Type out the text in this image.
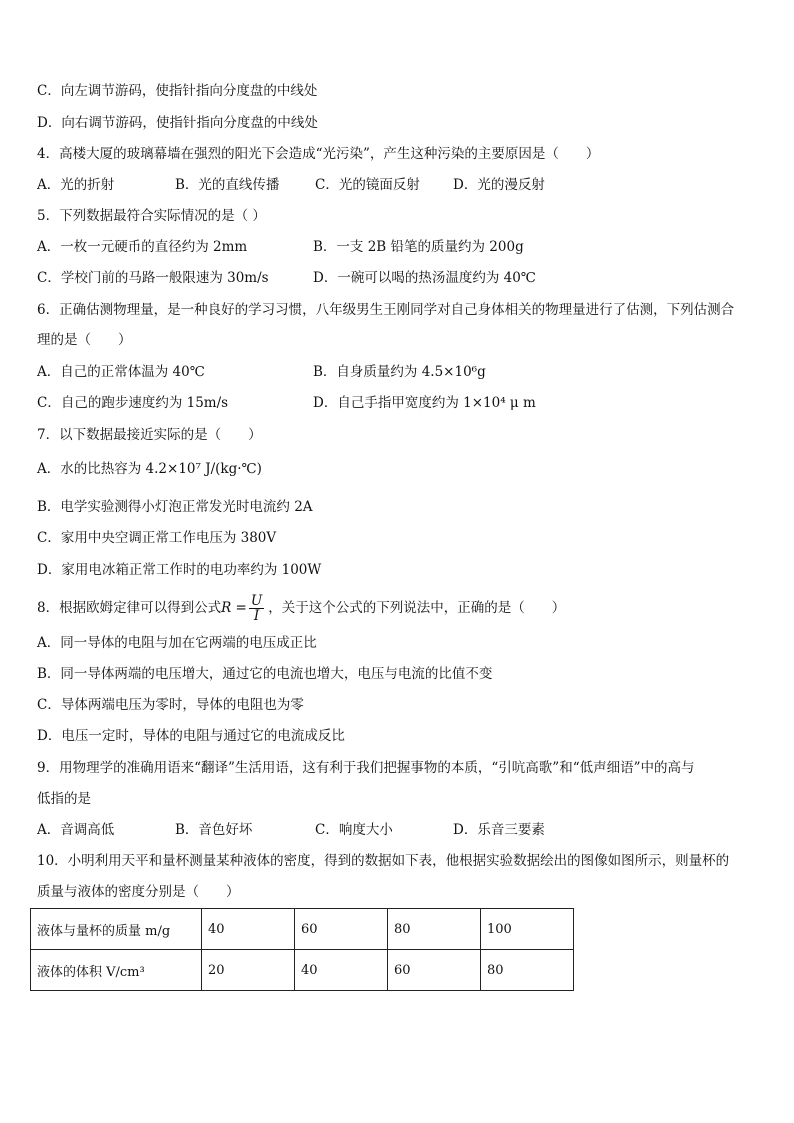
C．向左调节游码，使指针指向分度盘的中线处
D．向右调节游码，使指针指向分度盘的中线处
4．高楼大厦的玻璃幕墙在强烈的阳光下会造成“光污染”，产生这种污染的主要原因是（　　）
A．光的折射	B．光的直线传播	C．光的镜面反射 D．光的漫反射
5．下列数据最符合实际情况的是（ ）
A．一枚一元硬币的直径约为 2mm	B．一支 2B 铅笔的质量约为 200g
C．学校门前的马路一般限速为 30m/s	D．一碗可以喝的热汤温度约为 40℃
6．正确估测物理量，是一种良好的学习习惯，八年级男生王刚同学对自己身体相关的物理量进行了估测，下列估测合
理的是（　　）
A．自己的正常体温为 40℃	B．自身质量约为 4.5×10⁶g
C．自己的跑步速度约为 15m/s	D．自己手指甲宽度约为 1×10⁴ μ m
7．以下数据最接近实际的是（　　）
A．水的比热容为 4.2×10⁷ J/(kg·℃)
B．电学实验测得小灯泡正常发光时电流约 2A
C．家用中央空调正常工作电压为 380V
D．家用电冰箱正常工作时的电功率约为 100W
8．根据欧姆定律可以得到公式$R = \frac{U}{I}$ ，关于这个公式的下列说法中，正确的是（　　）
A．同一导体的电阻与加在它两端的电压成正比
B．同一导体两端的电压增大，通过它的电流也增大，电压与电流的比值不变
C．导体两端电压为零时，导体的电阻也为零
D．电压一定时，导体的电阻与通过它的电流成反比
9．用物理学的准确用语来“翻译”生活用语，这有利于我们把握事物的本质，“引吭高歌”和“低声细语”中的高与
低指的是
A．音调高低	B．音色好坏	C．响度大小	D．乐音三要素
10．小明利用天平和量杯测量某种液体的密度，得到的数据如下表，他根据实验数据绘出的图像如图所示，则量杯的
质量与液体的密度分别是（　　）
液体与量杯的质量 m/g	40	60	80	100
液体的体积 V/cm³	20	40	60	80
